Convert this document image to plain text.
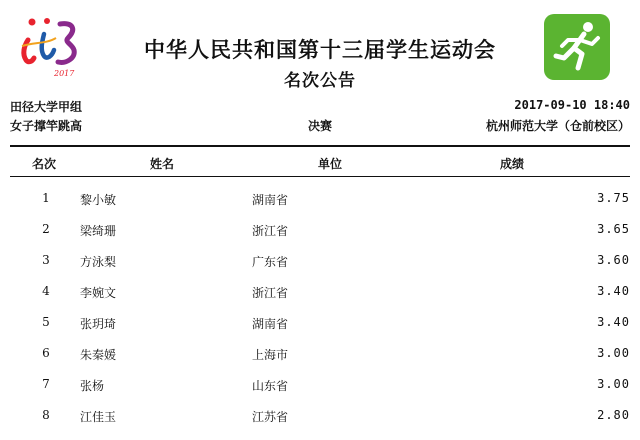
2017
中华人民共和国第十三届学生运动会
名次公告
田径大学甲组	2017-09-10 18:40
女子撑竿跳高	决赛	杭州师范大学（仓前校区）
名次	姓名	单位	成绩
1	黎小敏	湖南省	3.75
2	梁绮珊	浙江省	3.65
3	方泳梨	广东省	3.60
4	李婉文	浙江省	3.40
5	张玥琦	湖南省	3.40
6	朱秦媛	上海市	3.00
7	张杨	山东省	3.00
8	江佳玉	江苏省	2.80
